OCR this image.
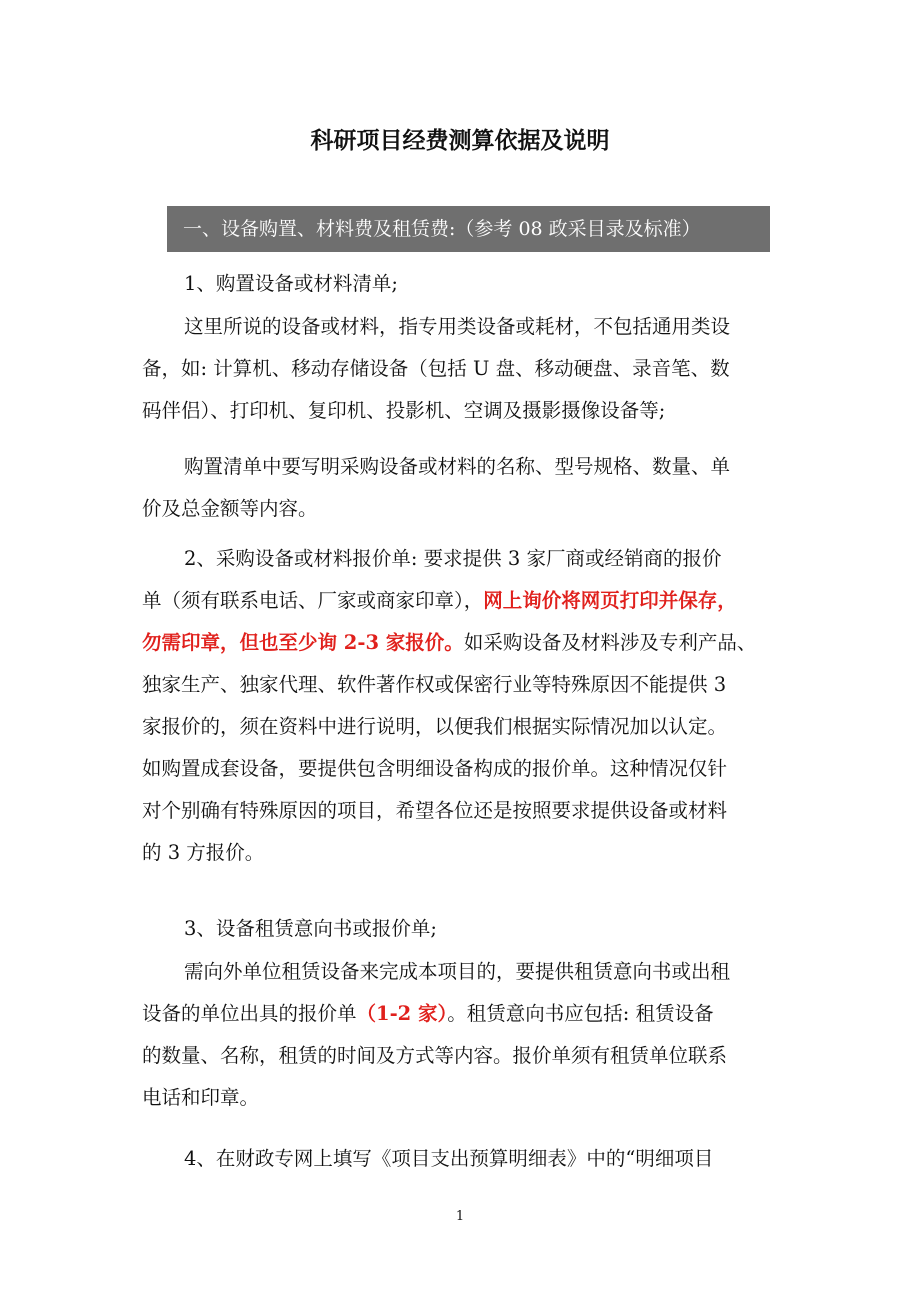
科研项目经费测算依据及说明
一、设备购置、材料费及租赁费:（参考 08 政采目录及标准）

1、购置设备或材料清单;

这里所说的设备或材料，指专用类设备或耗材，不包括通用类设
备，如: 计算机、移动存储设备（包括 U 盘、移动硬盘、录音笔、数
码伴侣）、打印机、复印机、投影机、空调及摄影摄像设备等;

购置清单中要写明采购设备或材料的名称、型号规格、数量、单
价及总金额等内容。

2、采购设备或材料报价单: 要求提供 3 家厂商或经销商的报价
单（须有联系电话、厂家或商家印章），网上询价将网页打印并保存，
勿需印章，但也至少询 2-3 家报价。如采购设备及材料涉及专利产品、
独家生产、独家代理、软件著作权或保密行业等特殊原因不能提供 3
家报价的，须在资料中进行说明，以便我们根据实际情况加以认定。
如购置成套设备，要提供包含明细设备构成的报价单。这种情况仅针
对个别确有特殊原因的项目，希望各位还是按照要求提供设备或材料
的 3 方报价。

3、设备租赁意向书或报价单;

需向外单位租赁设备来完成本项目的，要提供租赁意向书或出租
设备的单位出具的报价单（1-2 家）。租赁意向书应包括: 租赁设备
的数量、名称，租赁的时间及方式等内容。报价单须有租赁单位联系
电话和印章。

4、在财政专网上填写《项目支出预算明细表》中的“明细项目

1
